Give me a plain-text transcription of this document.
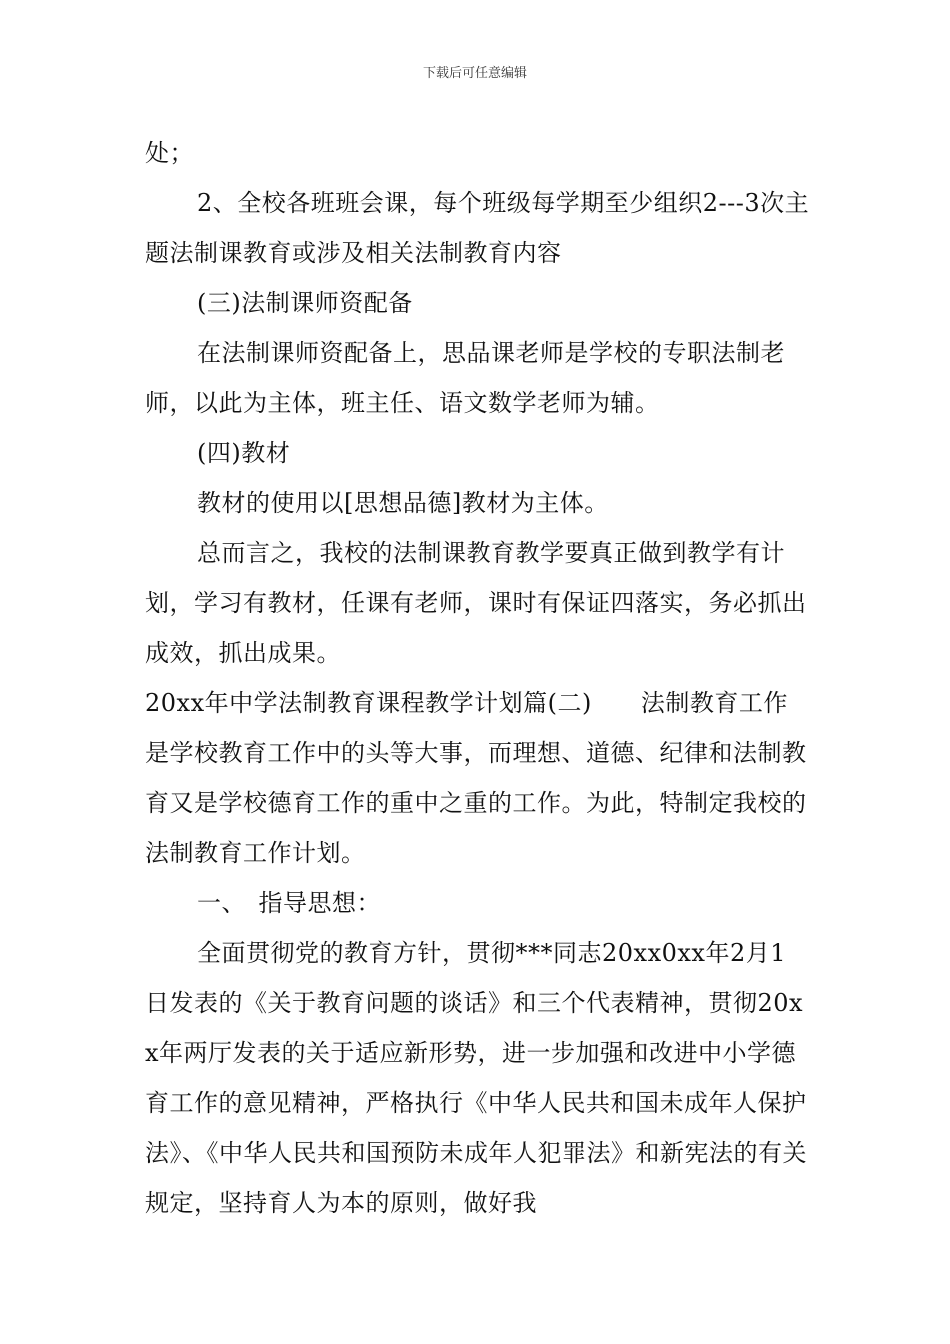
下载后可任意编辑

处；

2、全校各班班会课，每个班级每学期至少组织2---3次主题法制课教育或涉及相关法制教育内容

(三)法制课师资配备

在法制课师资配备上，思品课老师是学校的专职法制老师，以此为主体，班主任、语文数学老师为辅。

(四)教材

教材的使用以[思想品德]教材为主体。

总而言之，我校的法制课教育教学要真正做到教学有计划，学习有教材，任课有老师，课时有保证四落实，务必抓出成效，抓出成果。

20xx年中学法制教育课程教学计划篇(二)　　法制教育工作是学校教育工作中的头等大事，而理想、道德、纪律和法制教育又是学校德育工作的重中之重的工作。为此，特制定我校的法制教育工作计划。

一、　指导思想：

全面贯彻党的教育方针，贯彻***同志20xx0xx年2月1日发表的《关于教育问题的谈话》和三个代表精神，贯彻20xx年两厅发表的关于适应新形势，进一步加强和改进中小学德育工作的意见精神，严格执行《中华人民共和国未成年人保护法》、《中华人民共和国预防未成年人犯罪法》和新宪法的有关规定，坚持育人为本的原则，做好我
